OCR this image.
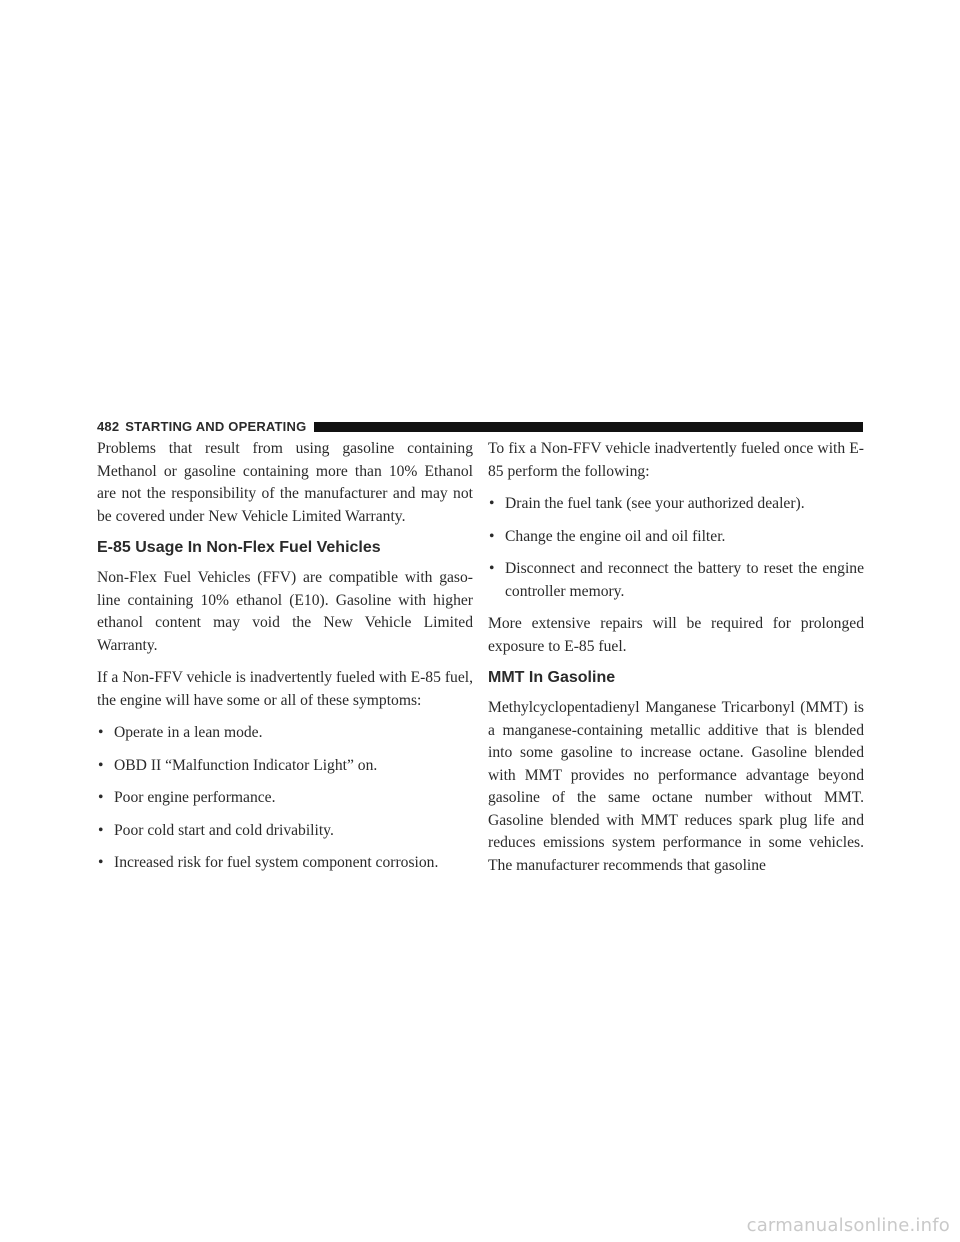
482 STARTING AND OPERATING

Problems that result from using gasoline containing Methanol or gasoline containing more than 10% Ethanol are not the responsibility of the manufacturer and may not be covered under New Vehicle Limited Warranty.

E-85 Usage In Non-Flex Fuel Vehicles

Non-Flex Fuel Vehicles (FFV) are compatible with gaso-line containing 10% ethanol (E10). Gasoline with higher ethanol content may void the New Vehicle Limited Warranty.

If a Non-FFV vehicle is inadvertently fueled with E-85 fuel, the engine will have some or all of these symptoms:

• Operate in a lean mode.
• OBD II “Malfunction Indicator Light” on.
• Poor engine performance.
• Poor cold start and cold drivability.
• Increased risk for fuel system component corrosion.

To fix a Non-FFV vehicle inadvertently fueled once with E-85 perform the following:

• Drain the fuel tank (see your authorized dealer).
• Change the engine oil and oil filter.
• Disconnect and reconnect the battery to reset the engine controller memory.

More extensive repairs will be required for prolonged exposure to E-85 fuel.

MMT In Gasoline

Methylcyclopentadienyl Manganese Tricarbonyl (MMT) is a manganese-containing metallic additive that is blended into some gasoline to increase octane. Gasoline blended with MMT provides no performance advantage beyond gasoline of the same octane number without MMT. Gasoline blended with MMT reduces spark plug life and reduces emissions system performance in some vehicles. The manufacturer recommends that gasoline

carmanualsonline.info
